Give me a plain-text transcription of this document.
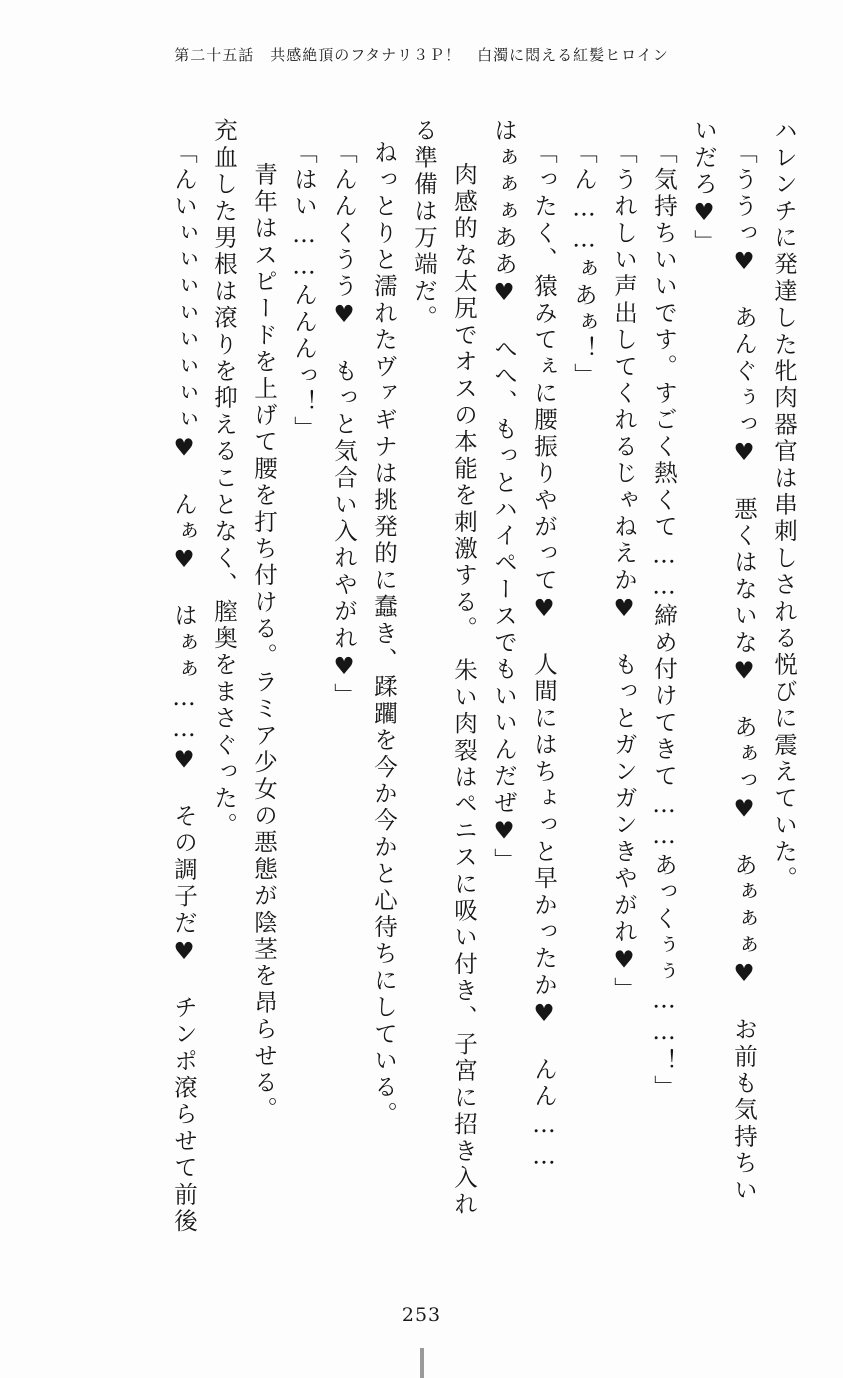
第二十五話　共感絶頂のフタナリ３Ｐ！　白濁に悶える紅髪ヒロイン
ハレンチに発達した牝肉器官は串刺しされる悦びに震えていた。
「ううっ♥　あんぐぅっ♥　悪くはないな♥　あぁっ♥　あぁぁぁ♥　お前も気持ちい
いだろ♥」
「気持ちいいです。すごく熱くて……締め付けてきて……あっくぅぅ……！」
「うれしい声出してくれるじゃねえか♥　もっとガンガンきやがれ♥」
「ん……ぁあぁ！」
「ったく、猿みてぇに腰振りやがって♥　人間にはちょっと早かったか♥　んん……
はぁぁぁああ♥　へへ、もっとハイペースでもいいんだぜ♥」
肉感的な太尻でオスの本能を刺激する。　朱い肉裂はペニスに吸い付き、子宮に招き入れ
る準備は万端だ。
ねっとりと濡れたヴァギナは挑発的に蠢き、蹂躙を今か今かと心待ちにしている。
「んんくうう♥　もっと気合い入れやがれ♥」
「はい……んんんっ！」
青年はスピードを上げて腰を打ち付ける。ラミア少女の悪態が陰茎を昂らせる。
充血した男根は滾りを抑えることなく、膣奥をまさぐった。
「んいぃぃぃぃぃぃぃぃ♥　んぁ♥　はぁぁ……♥　その調子だ♥　チンポ滾らせて前後
253
